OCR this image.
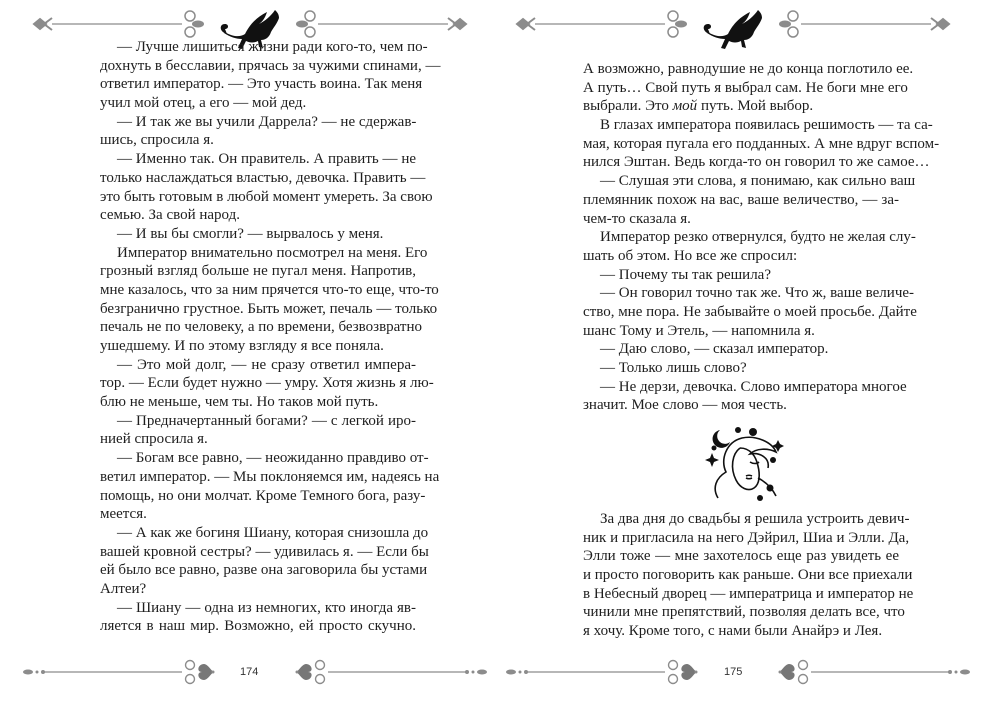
— Лучше лишиться жизни ради кого-то, чем по-
дохнуть в бесславии, прячась за чужими спинами, —
ответил император. — Это участь воина. Так меня
учил мой отец, а его — мой дед.
— И так же вы учили Даррела? — не сдержав-
шись, спросила я.
— Именно так. Он правитель. А править — не
только наслаждаться властью, девочка. Править —
это быть готовым в любой момент умереть. За свою
семью. За свой народ.
— И вы бы смогли? — вырвалось у меня.
Император внимательно посмотрел на меня. Его
грозный взгляд больше не пугал меня. Напротив,
мне казалось, что за ним прячется что-то еще, что-то
безгранично грустное. Быть может, печаль — только
печаль не по человеку, а по времени, безвозвратно
ушедшему. И по этому взгляду я все поняла.
— Это мой долг, — не сразу ответил импера-
тор. — Если будет нужно — умру. Хотя жизнь я лю-
блю не меньше, чем ты. Но таков мой путь.
— Предначертанный богами? — с легкой иро-
нией спросила я.
— Богам все равно, — неожиданно правдиво от-
ветил император. — Мы поклоняемся им, надеясь на
помощь, но они молчат. Кроме Темного бога, разу-
меется.
— А как же богиня Шиану, которая снизошла до
вашей кровной сестры? — удивилась я. — Если бы
ей было все равно, разве она заговорила бы устами
Алтеи?
— Шиану — одна из немногих, кто иногда яв-
ляется в наш мир. Возможно, ей просто скучно.
174
А возможно, равнодушие не до конца поглотило ее.
А путь… Свой путь я выбрал сам. Не боги мне его
выбрали. Это мой путь. Мой выбор.
В глазах императора появилась решимость — та са-
мая, которая пугала его подданных. А мне вдруг вспом-
нился Эштан. Ведь когда-то он говорил то же самое…
— Слушая эти слова, я понимаю, как сильно ваш
племянник похож на вас, ваше величество, — за-
чем-то сказала я.
Император резко отвернулся, будто не желая слу-
шать об этом. Но все же спросил:
— Почему ты так решила?
— Он говорил точно так же. Что ж, ваше величе-
ство, мне пора. Не забывайте о моей просьбе. Дайте
шанс Тому и Этель, — напомнила я.
— Даю слово, — сказал император.
— Только лишь слово?
— Не дерзи, девочка. Слово императора многое
значит. Мое слово — моя честь.
За два дня до свадьбы я решила устроить девич-
ник и пригласила на него Дэйрил, Шиа и Элли. Да,
Элли тоже — мне захотелось еще раз увидеть ее
и просто поговорить как раньше. Они все приехали
в Небесный дворец — императрица и император не
чинили мне препятствий, позволяя делать все, что
я хочу. Кроме того, с нами были Анайрэ и Лея.
175
